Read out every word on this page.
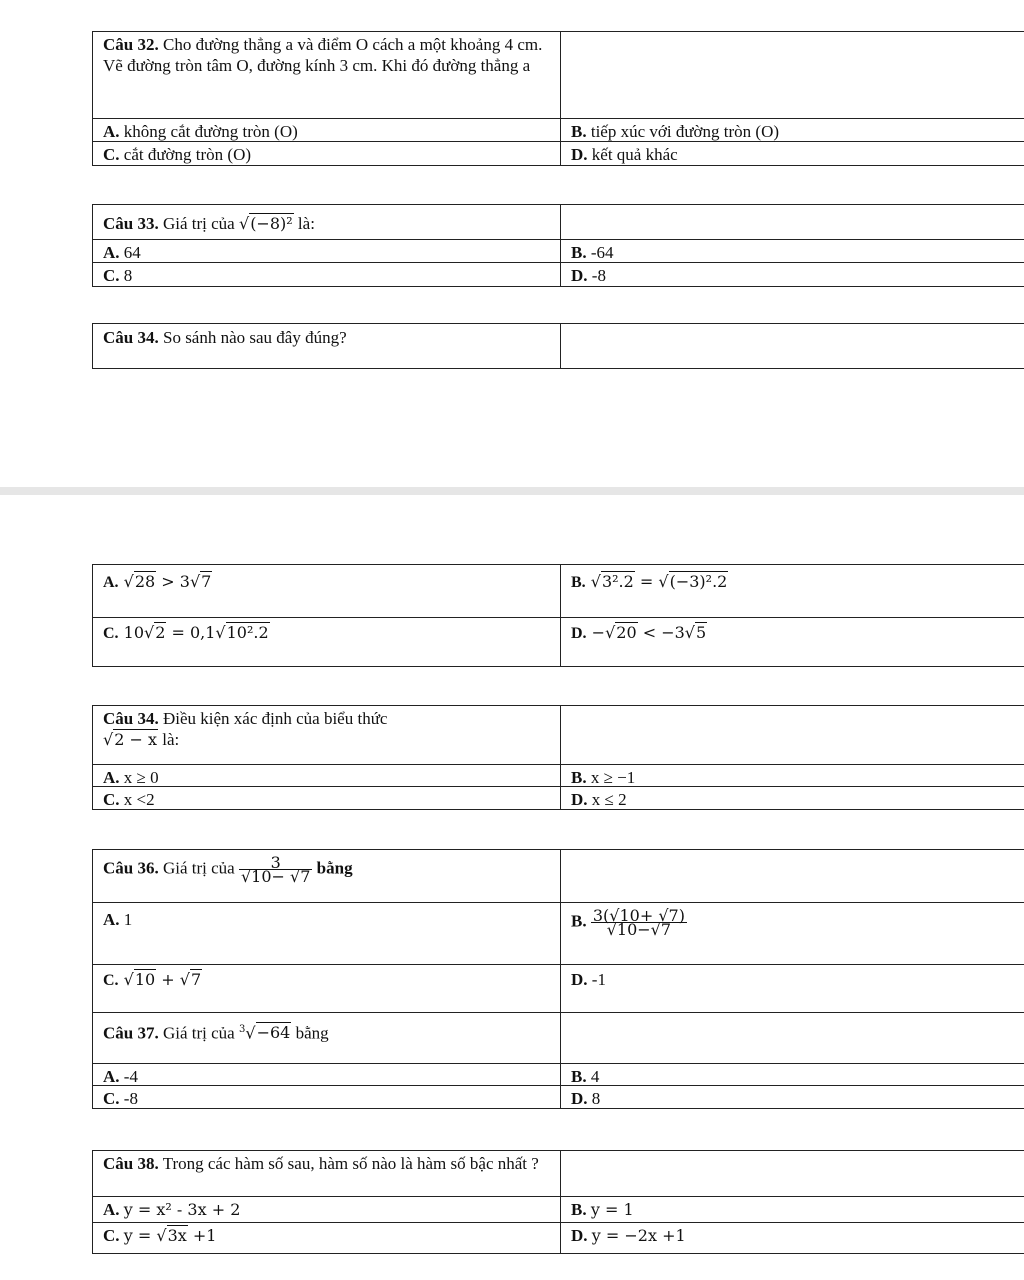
Câu 32. Cho đường thẳng a và điểm O cách a một khoảng 4 cm. Vẽ đường tròn tâm O, đường kính 3 cm. Khi đó đường thẳng a
A. không cắt đường tròn (O)	B. tiếp xúc với đường tròn (O)
C. cắt đường tròn (O)	D. kết quả khác
Câu 33. Giá trị của √(−8)² là:
A. 64	B. -64
C. 8	D. -8
Câu 34. So sánh nào sau đây đúng?
A. √28 > 3√7	B. √3².2 = √(−3)².2
C. 10√2 = 0,1√10².2	D. −√20 < −3√5
Câu 34. Điều kiện xác định của biểu thức √2 − x là:
A. x ≥ 0	B. x ≥ −1
C. x <2	D. x ≤ 2
Câu 36. Giá trị của $\frac{3}{√10- √7}$ bằng
A. 1	B. $\frac{3(√10+ √7)}{√10-√7}$
C. √10 + √7	D. -1
Câu 37. Giá trị của $^3$√−64 bằng
A. -4	B. 4
C. -8	D. 8
Câu 38. Trong các hàm số sau, hàm số nào là hàm số bậc nhất ?
A. y = x² - 3x + 2	B. y = 1
C. y = √3x +1	D. y = −2x +1
